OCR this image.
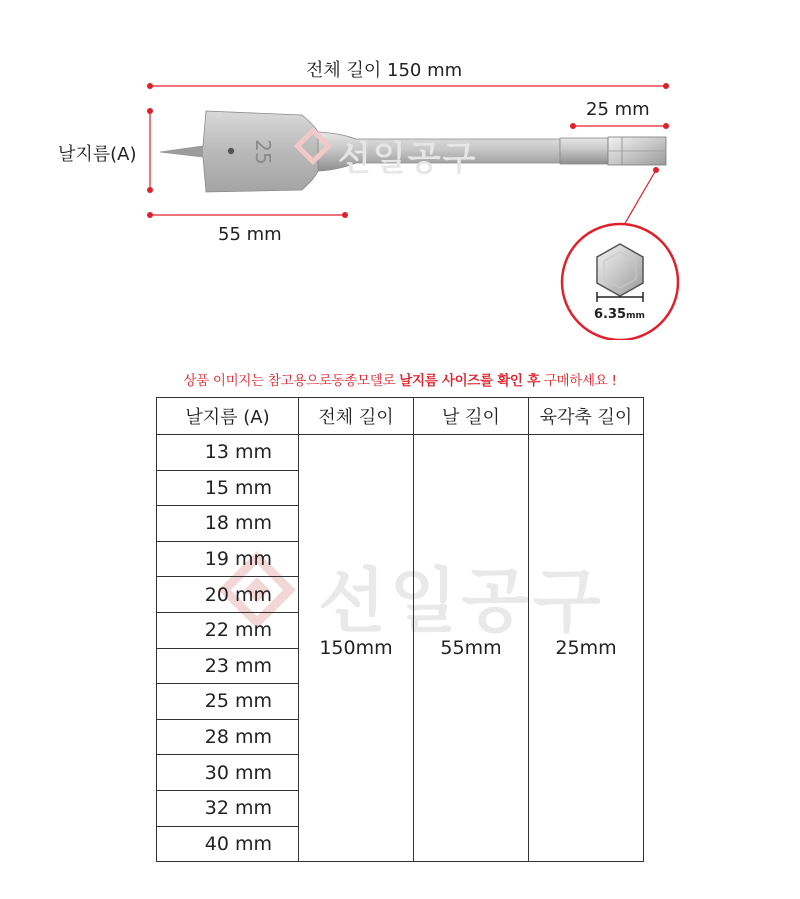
25 선일공구
6.35mm
전체 길이 150 mm
25 mm
날지름(A)
55 mm
상품 이미지는 참고용으로동종모델로 날지름 사이즈를 확인 후 구매하세요 !
선일공구
날지름 (A)	전체 길이	날 길이	육각축 길이
13 mm	150mm	55mm	25mm
15 mm			
18 mm			
19 mm			
20 mm			
22 mm			
23 mm			
25 mm			
28 mm			
30 mm			
32 mm			
40 mm			
